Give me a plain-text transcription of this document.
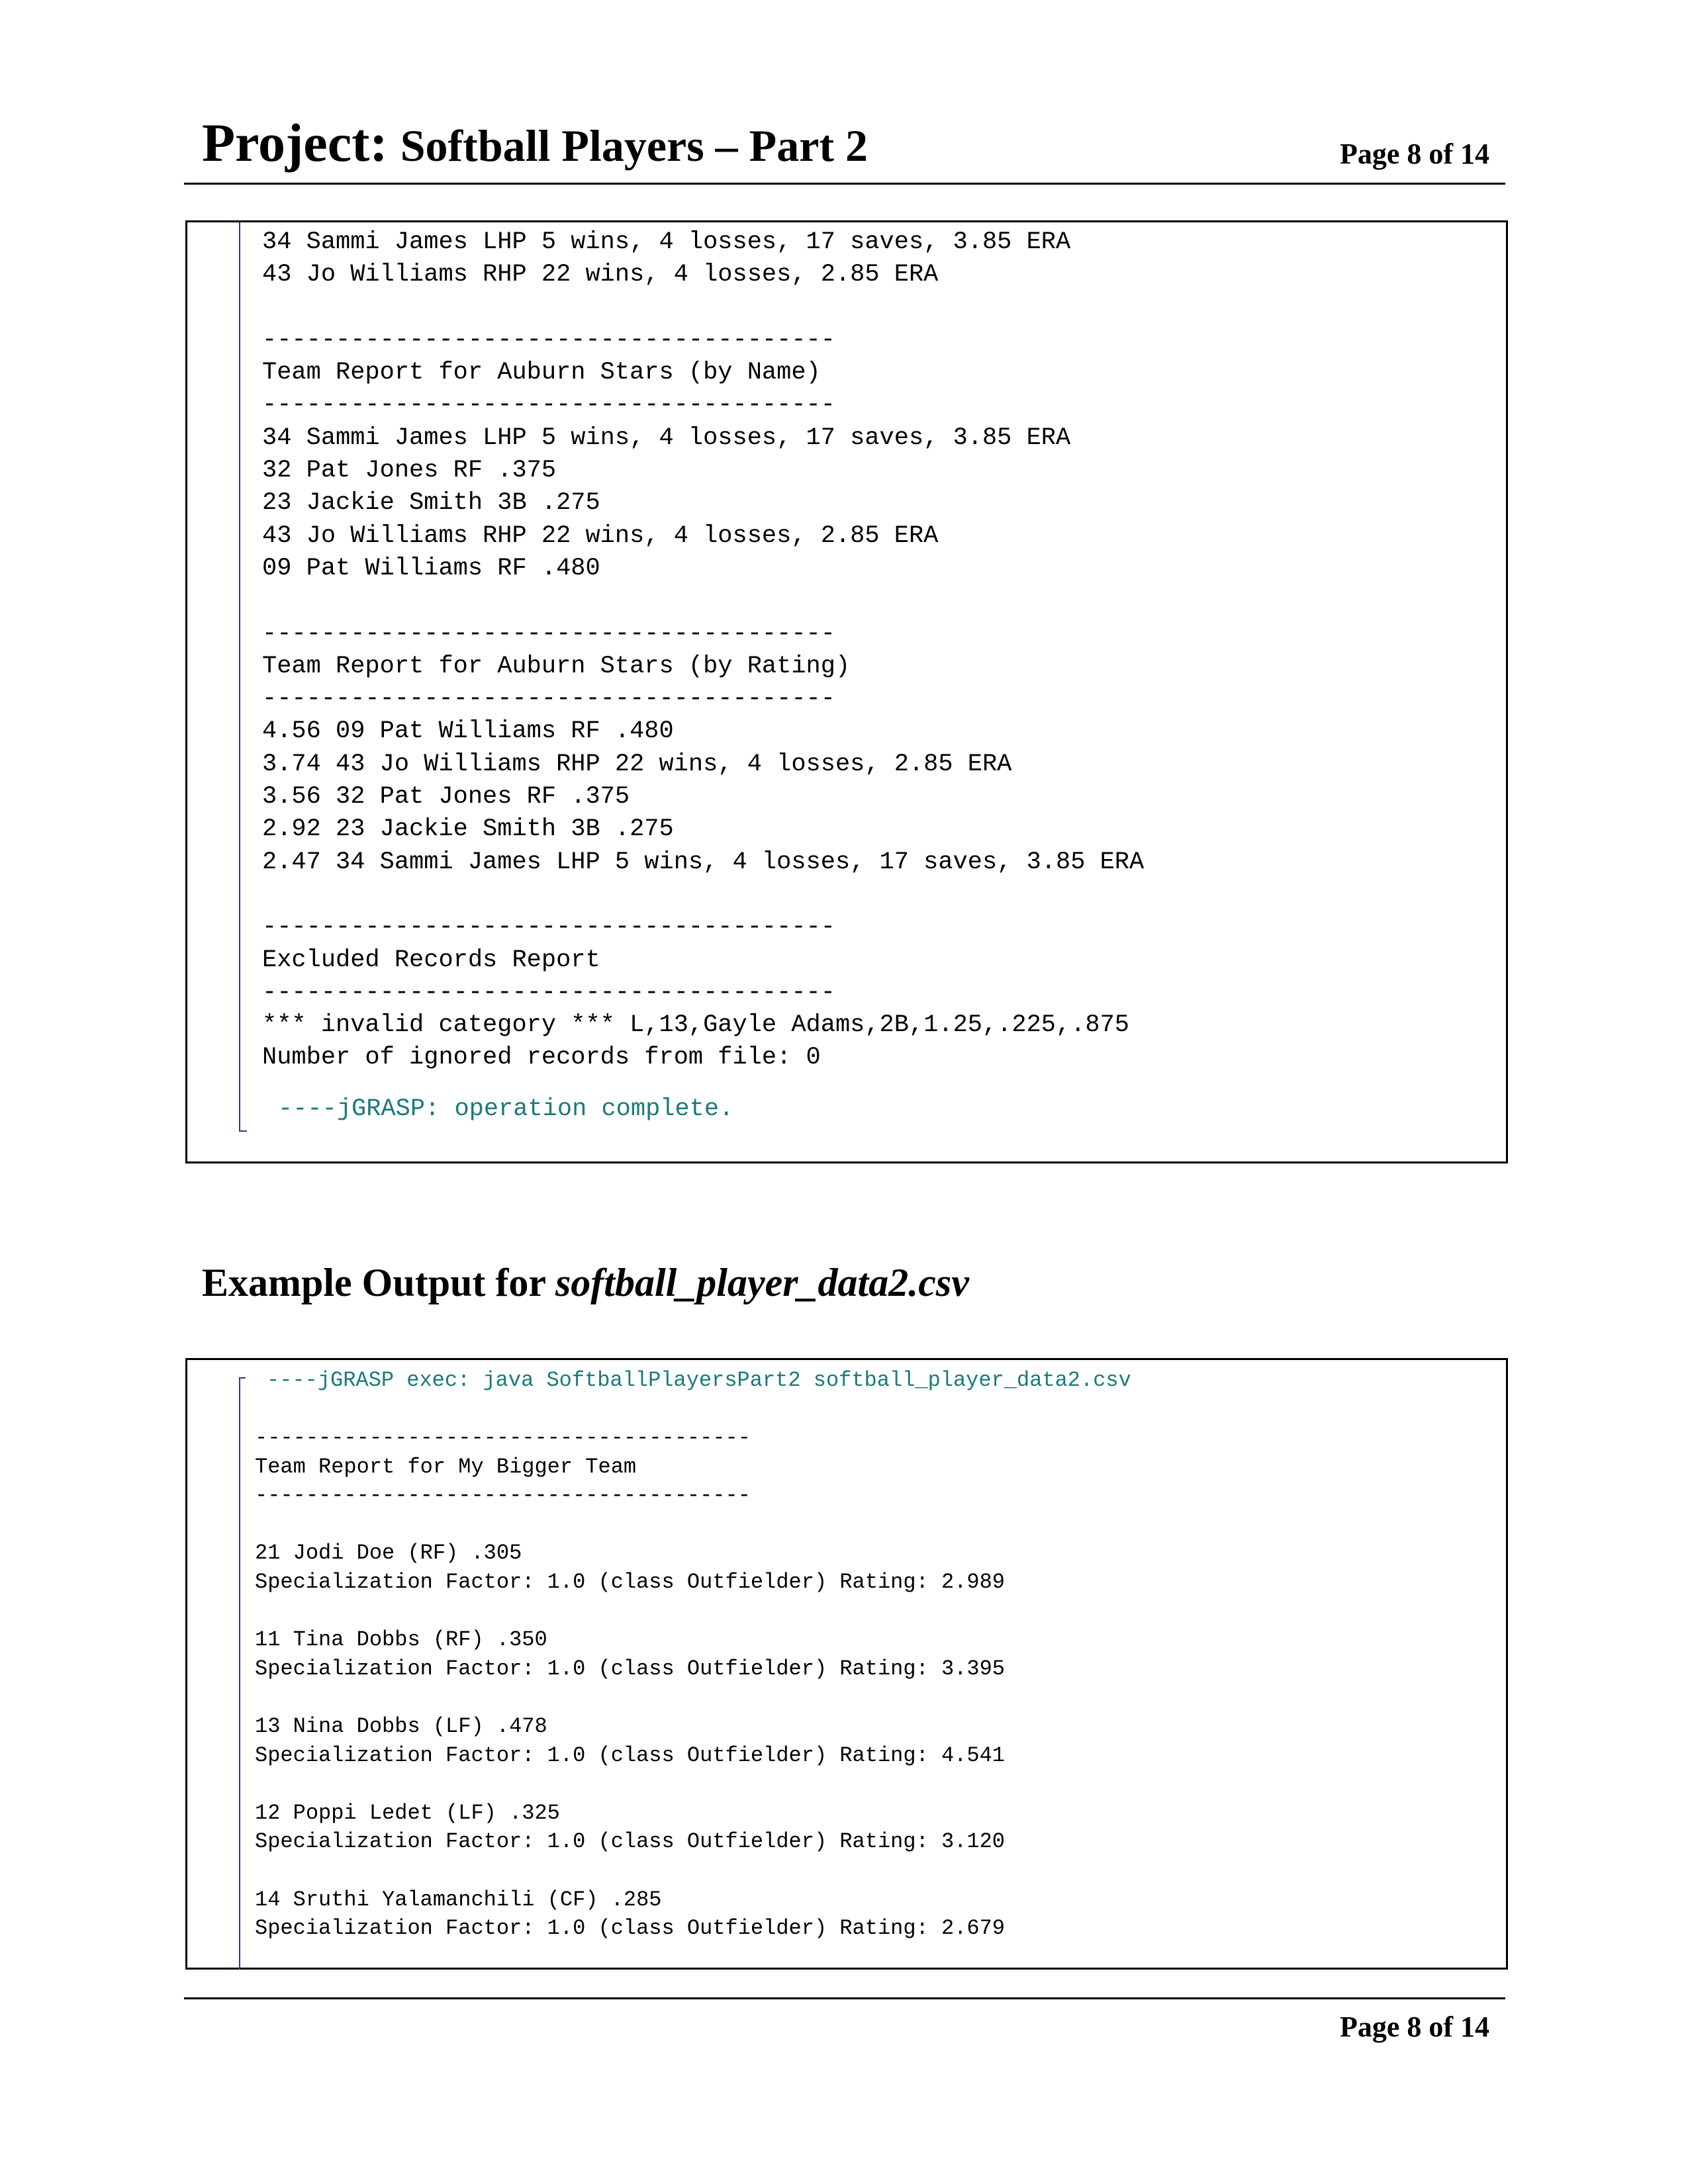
Project: Softball Players – Part 2	Page 8 of 14
34 Sammi James LHP 5 wins, 4 losses, 17 saves, 3.85 ERA
43 Jo Williams RHP 22 wins, 4 losses, 2.85 ERA

---------------------------------------
Team Report for Auburn Stars (by Name)
---------------------------------------
34 Sammi James LHP 5 wins, 4 losses, 17 saves, 3.85 ERA
32 Pat Jones RF .375
23 Jackie Smith 3B .275
43 Jo Williams RHP 22 wins, 4 losses, 2.85 ERA
09 Pat Williams RF .480

---------------------------------------
Team Report for Auburn Stars (by Rating)
---------------------------------------
4.56 09 Pat Williams RF .480
3.74 43 Jo Williams RHP 22 wins, 4 losses, 2.85 ERA
3.56 32 Pat Jones RF .375
2.92 23 Jackie Smith 3B .275
2.47 34 Sammi James LHP 5 wins, 4 losses, 17 saves, 3.85 ERA

---------------------------------------
Excluded Records Report
---------------------------------------
*** invalid category *** L,13,Gayle Adams,2B,1.25,.225,.875
Number of ignored records from file: 0
----jGRASP: operation complete.
Example Output for softball_player_data2.csv
----jGRASP exec: java SoftballPlayersPart2 softball_player_data2.csv
---------------------------------------
Team Report for My Bigger Team
---------------------------------------

21 Jodi Doe (RF) .305
Specialization Factor: 1.0 (class Outfielder) Rating: 2.989

11 Tina Dobbs (RF) .350
Specialization Factor: 1.0 (class Outfielder) Rating: 3.395

13 Nina Dobbs (LF) .478
Specialization Factor: 1.0 (class Outfielder) Rating: 4.541

12 Poppi Ledet (LF) .325
Specialization Factor: 1.0 (class Outfielder) Rating: 3.120

14 Sruthi Yalamanchili (CF) .285
Specialization Factor: 1.0 (class Outfielder) Rating: 2.679
Page 8 of 14
